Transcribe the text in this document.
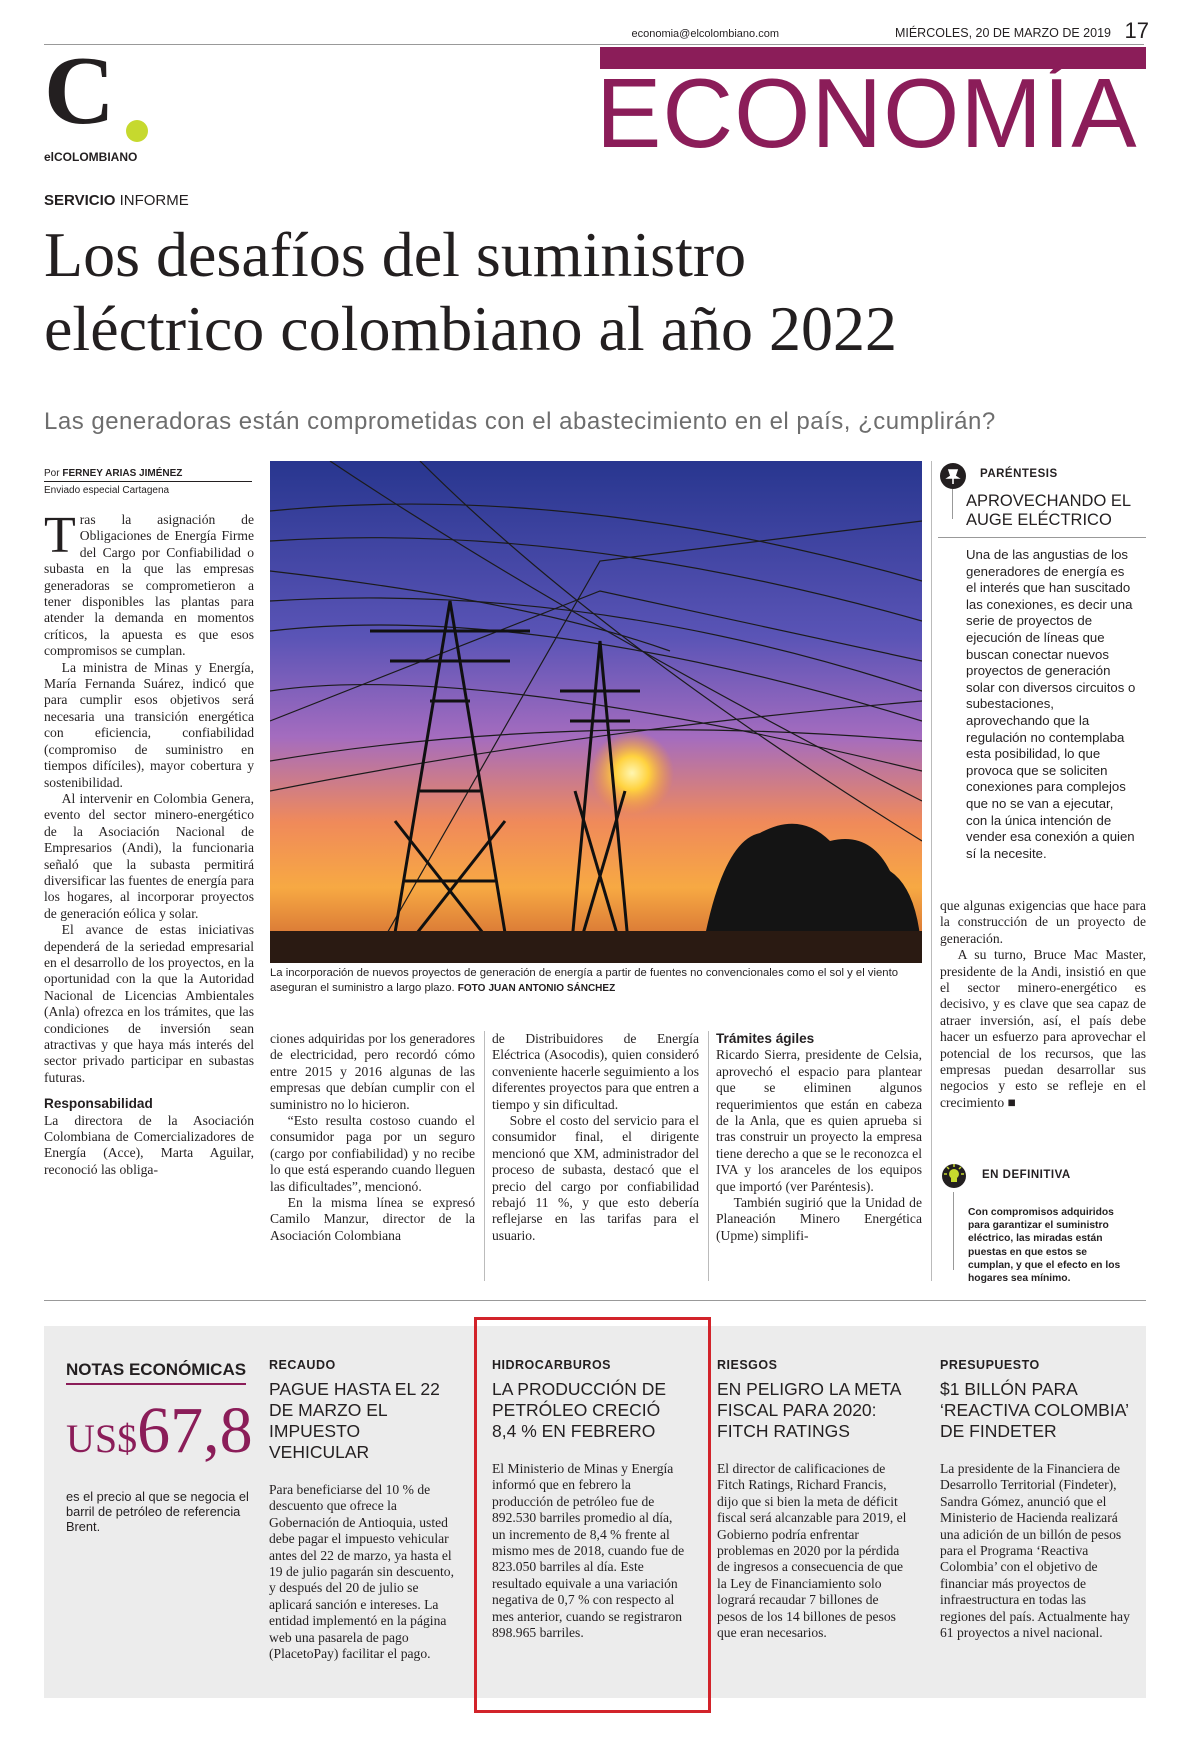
economia@elcolombiano.com	MIÉRCOLES, 20 DE MARZO DE 2019 17
C
elCOLOMBIANO	ECONOMÍA
SERVICIO INFORME
Los desafíos del suministro
eléctrico colombiano al año 2022
Las generadoras están comprometidas con el abastecimiento en el país, ¿cumplirán?
Por FERNEY ARIAS JIMÉNEZ
Enviado especial Cartagena
Tras la asignación de Obligaciones de Energía Firme del Cargo por Confiabilidad o subasta en la que las empresas generadoras se comprometieron a tener disponibles las plantas para atender la demanda en momentos críticos, la apuesta es que esos compromisos se cumplan.
La ministra de Minas y Energía, María Fernanda Suárez, indicó que para cumplir esos objetivos será necesaria una transición energética con eficiencia, confiabilidad (compromiso de suministro en tiempos difíciles), mayor cobertura y sostenibilidad.
Al intervenir en Colombia Genera, evento del sector minero-energético de la Asociación Nacional de Empresarios (Andi), la funcionaria señaló que la subasta permitirá diversificar las fuentes de energía para los hogares, al incorporar proyectos de generación eólica y solar.
El avance de estas iniciativas dependerá de la seriedad empresarial en el desarrollo de los proyectos, en la oportunidad con la que la Autoridad Nacional de Licencias Ambientales (Anla) ofrezca en los trámites, que las condiciones de inversión sean atractivas y que haya más interés del sector privado participar en subastas futuras.
Responsabilidad
La directora de la Asociación Colombiana de Comercializadores de Energía (Acce), Marta Aguilar, reconoció las obliga-
La incorporación de nuevos proyectos de generación de energía a partir de fuentes no convencionales como el sol y el viento aseguran el suministro a largo plazo. FOTO JUAN ANTONIO SÁNCHEZ
ciones adquiridas por los generadores de electricidad, pero recordó cómo entre 2015 y 2016 algunas de las empresas que debían cumplir con el suministro no lo hicieron.
“Esto resulta costoso cuando el consumidor paga por un seguro (cargo por confiabilidad) y no recibe lo que está esperando cuando lleguen las dificultades”, mencionó.
En la misma línea se expresó Camilo Manzur, director de la Asociación Colombiana
de Distribuidores de Energía Eléctrica (Asocodis), quien consideró conveniente hacerle seguimiento a los diferentes proyectos para que entren a tiempo y sin dificultad.
Sobre el costo del servicio para el consumidor final, el dirigente mencionó que XM, administrador del proceso de subasta, destacó que el precio del cargo por confiabilidad rebajó 11 %, y que esto debería reflejarse en las tarifas para el usuario.
Trámites ágiles
Ricardo Sierra, presidente de Celsia, aprovechó el espacio para plantear que se eliminen algunos requerimientos que están en cabeza de la Anla, que es quien aprueba si tras construir un proyecto la empresa tiene derecho a que se le reconozca el IVA y los aranceles de los equipos que importó (ver Paréntesis).
También sugirió que la Unidad de Planeación Minero Energética (Upme) simplifi-
que algunas exigencias que hace para la construcción de un proyecto de generación.
A su turno, Bruce Mac Master, presidente de la Andi, insistió en que el sector minero-energético es decisivo, y es clave que sea capaz de atraer inversión, así, el país debe hacer un esfuerzo para aprovechar el potencial de los recursos, que las empresas puedan desarrollar sus negocios y esto se refleje en el crecimiento ■
PARÉNTESIS
APROVECHANDO EL AUGE ELÉCTRICO
Una de las angustias de los generadores de energía es el interés que han suscitado las conexiones, es decir una serie de proyectos de ejecución de líneas que buscan conectar nuevos proyectos de generación solar con diversos circuitos o subestaciones, aprovechando que la regulación no contemplaba esta posibilidad, lo que provoca que se soliciten conexiones para complejos que no se van a ejecutar, con la única intención de vender esa conexión a quien sí la necesite.
EN DEFINITIVA
Con compromisos adquiridos para garantizar el suministro eléctrico, las miradas están puestas en que estos se cumplan, y que el efecto en los hogares sea mínimo.
NOTAS ECONÓMICAS
US$67,8
es el precio al que se negocia el barril de petróleo de referencia Brent.
RECAUDO
PAGUE HASTA EL 22 DE MARZO EL IMPUESTO VEHICULAR
Para beneficiarse del 10 % de descuento que ofrece la Gobernación de Antioquia, usted debe pagar el impuesto vehicular antes del 22 de marzo, ya hasta el 19 de julio pagarán sin descuento, y después del 20 de julio se aplicará sanción e intereses. La entidad implementó en la página web una pasarela de pago (PlacetoPay) facilitar el pago.
HIDROCARBUROS
LA PRODUCCIÓN DE PETRÓLEO CRECIÓ 8,4 % EN FEBRERO
El Ministerio de Minas y Energía informó que en febrero la producción de petróleo fue de 892.530 barriles promedio al día, un incremento de 8,4 % frente al mismo mes de 2018, cuando fue de 823.050 barriles al día. Este resultado equivale a una variación negativa de 0,7 % con respecto al mes anterior, cuando se registraron 898.965 barriles.
RIESGOS
EN PELIGRO LA META FISCAL PARA 2020: FITCH RATINGS
El director de calificaciones de Fitch Ratings, Richard Francis, dijo que si bien la meta de déficit fiscal será alcanzable para 2019, el Gobierno podría enfrentar problemas en 2020 por la pérdida de ingresos a consecuencia de que la Ley de Financiamiento solo logrará recaudar 7 billones de pesos de los 14 billones de pesos que eran necesarios.
PRESUPUESTO
$1 BILLÓN PARA ‘REACTIVA COLOMBIA’ DE FINDETER
La presidente de la Financiera de Desarrollo Territorial (Findeter), Sandra Gómez, anunció que el Ministerio de Hacienda realizará una adición de un billón de pesos para el Programa ‘Reactiva Colombia’ con el objetivo de financiar más proyectos de infraestructura en todas las regiones del país. Actualmente hay 61 proyectos a nivel nacional.
